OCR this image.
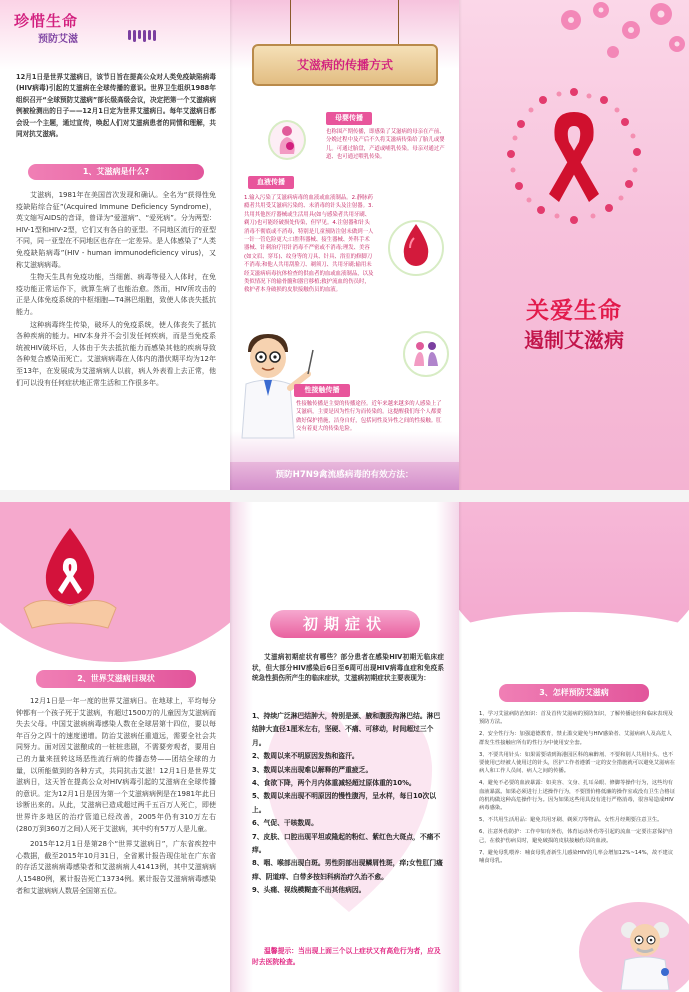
珍惜生命
预防艾滋

12月1日是世界艾滋病日，该节日旨在提高公众对人类免疫缺陷病毒(HIV病毒)引起的艾滋病在全球传播的意识。世界卫生组织1988年组织召开“全球预防艾滋病”部长级高级会议，决定把第一个艾滋病病例被检测出的日子——12月1日定为世界艾滋病日。每年艾滋病日都会设一个主题，通过宣传，唤起人们对艾滋病患者的同情和理解，共同对抗艾滋病。

1、艾滋病是什么?

艾滋病，1981年在美国首次发现和确认。全名为“获得性免疫缺陷综合征”(Acquired Immune Deficiency Syndrome)，英文缩写AIDS的音译，曾译为“爱滋病”、“爱死病”。分为两型：HIV-1型和HIV-2型，它们又有各自的亚型。不同地区流行的亚型不同，同一亚型在不同地区也存在一定差异。是人体感染了“人类免疫缺陷病毒”(HIV - human immunodeficiency virus)，又称艾滋病病毒。

生物天生具有免疫功能，当细菌、病毒等侵入人体时，在免疫功能正常运作下，就算生病了也能治愈。然而，HIV所攻击的正是人体免疫系统的中枢细胞—T4淋巴细胞，致使人体丧失抵抗能力。

这种病毒终生传染，破坏人的免疫系统，使人体丧失了抵抗各种疾病的能力。HIV本身并不会引发任何疾病，而是当免疫系统被HIV破坏后，人体由于失去抵抗能力而感染其他的疾病导致各种复合感染而死亡。艾滋病病毒在人体内的潜伏期平均为12年至13年，在发展成为艾滋病病人以前，病人外表看上去正常，他们可以没有任何症状地正常生活和工作很多年。

艾滋病的传播方式
母婴传播

也称围产期传播，即感染了艾滋病的母亲在产前、分娩过程中及产后不久将艾滋病传染给了胎儿或婴儿。可通过胎盘，产道或哺乳传染。母亲对通过产道、也可通过喂乳传染。

血液传播

1.输入污染了艾滋病病毒的血液或血液制品。2.静脉药瘾者共用受艾滋病污染的、未消毒的针头及注射器。3.共用其他医疗器械或生活用具(如与感染者共用牙刷、剃刀)也可能经破损处传染，但罕见。4.注射器和针头消毒不彻底或不消毒，特别是儿童预防注射未做到一人一针一管危险更大;口腔科器械、接生器械、外科手术器械、针刺治疗用针消毒不严密或不消毒;理发、美容(如文眉、穿耳)、纹身等的刀具、针具、浴室的修脚刀不消毒;和他人共用刮脸刀、剃须刀、共用牙刷;输用未经艾滋病病毒抗体检查的供血者的血或血液制品，以及类似情况下的输骨髓和器官移植;救护流血的伤员时，救护者本身破损的皮肤接触伤员的血液。

性接触传播

性接触传播是主要的传播途径。近年来越来越多的人感染上了艾滋病，主要是因为性行为而传染的。这提醒我们每个人都要做好保护措施，洁身自好，包括同性及异性之间的性接触。肛交有着更大的传染危险。

预防H7N9禽流感病毒的有效方法：
关爱生命
遏制艾滋病
2、世界艾滋病日现状

12月1日是一年一度的世界艾滋病日。在地球上，平均每分钟都有一个孩子死于艾滋病，有超过1500万的儿童因为艾滋病而失去父母。中国艾滋病病毒感染人数在全球居第十四位，要以每年百分之四十的速度递增。防治艾滋病任重道远，需要全社会共同努力。面对因艾滋酿成的一桩桩悲剧，不需要旁观者，要用自己的力量来扭转这场恶性流行病的传播态势——团结全球的力量，以所能做到的各种方式，共同抗击艾滋！12月1日是世界艾滋病日，这天旨在提高公众对HIV病毒引起的艾滋病在全球传播的意识。定为12月1日是因为第一个艾滋病病例是在1981年此日诊断出来的。从此，艾滋病已造成超过两千五百万人死亡，即使世界许多地区的治疗管道已经改善，2005年仍有310万左右(280万到360万之间)人死于艾滋病，其中约有57万人是儿童。

2015年12月1日是第28个“世界艾滋病日”，广东省疾控中心数据，截至2015年10月31日，全省累计报告现住址在广东省的存活艾滋病病毒感染者和艾滋病病人41413例，其中艾滋病病人15480例，累计报告死亡13734例。累计报告艾滋病病毒感染者和艾滋病病人数居全国第五位。

初期症状

艾滋病初期症状有哪些？部分患者在感染HIV初期无临床症状，但大部分HIV感染后6日至6周可出现HIV病毒血症和免疫系统急性损伤所产生的临床症状，艾滋病初期症状主要表现为：

1、持续广泛淋巴结肿大，特别是颈、腋和腹股沟淋巴结。淋巴结肿大直径1厘米左右，坚硬、不痛、可移动，时间超过三个月。
2、数周以来不明原因发热和盗汗。
3、数周以来出现难以解释的严重疲乏。
4、食欲下降，两个月内体重减轻超过原体重的10%。
5、数周以来出现不明原因的慢性腹泻，呈水样，每日10次以上。
6、气促、干咳数周。
7、皮肤、口腔出现平坦或隆起的粉红、紫红色大斑点，不痛不痒。
8、咽、喉部出现白斑。男性阴部出现鳞屑性斑，痒;女性肛门瘙痒、阴道痒、白带多按妇科病治疗久治不愈。
9、头痛、视线模糊查不出其他病因。

温馨提示：当出现上面三个以上症状又有高危行为者，应及时去医院检查。

3、怎样预防艾滋病
1、学习艾滋病防治知识：首及首传艾滋病的预防知识，了解传播途径和临床表现及预防方法。
2、安全性行为：加强道德教育，禁止滥交避免与HIV感染者、艾滋病病人及高危人群发生性接触应所有的性行为中使用安全套。
3、不要共用针头：如果需要请到海港园区科的麻醉剂、不要和别人共用针头、也不要使用已经被人使用过的针头，医护工作者遵循一定的安全措施就可以避免艾滋病在病人和工作人员间、病人之间的传播。
4、避免不必要的血液暴露：如美容、文身、扎耳朵眼、修脚等操作行为，这些均有血液暴露。如果必须进行上述操作行为，不要图价格低廉的操作室或没有卫生合格证的机构做这种高危操作行为。因为如果这些用具没有进行严格消毒，很容易造成HIV病毒感染。
5、不共用生活用品：避免共用牙刷、剃须刀等物品。女性月经期要注意卫生。
6、注意外伤防护：工作中如有外伤，体育运动外伤等引起的流血一定要注意保护自己，在救护伤病员时，避免破损的皮肤接触伤员的血液。
7、避免母乳喂养：哺食母乳者新生儿感染HIV的几率会增加12%~14%，故不建议哺食母乳。
